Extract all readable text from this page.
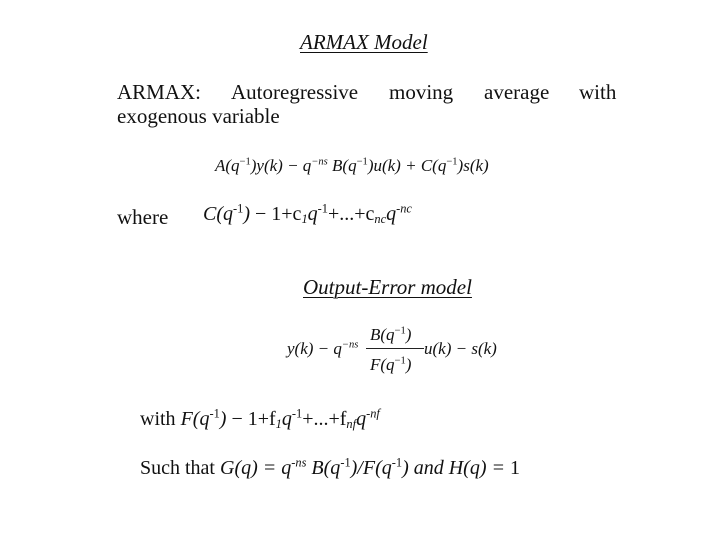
ARMAX Model
ARMAX: Autoregressive moving average with
exogenous variable
$A(q^{-1})y(k) - q^{-ns}$ $B(q^{-1})u(k) + C(q^{-1})s(k)$
where $C(q^{-1}) - 1+c_1q^{-1}+...+c_{nc}q^{-nc}$
Output-Error model
$y(k) - q^{-ns}$
$B(q^{-1})$
$F(q^{-1})$
u(k) − s(k)
with $F(q^{-1}) - 1+f_1q^{-1}+...+f_{nf}q^{-nf}$
Such that $G(q) = q^{-ns}$ $B(q^{-1})/F(q^{-1})$ and H(q) = 1
